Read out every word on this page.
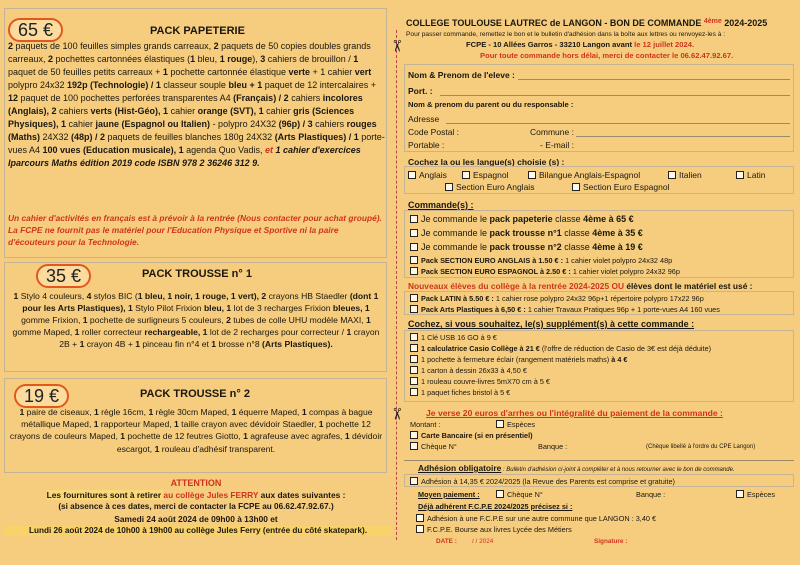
✂
✂
65 €	PACK PAPETERIE
2 paquets de 100 feuilles simples grands carreaux, 2 paquets de 50 copies doubles grands carreaux, 2 pochettes cartonnées élastiques (1 bleu, 1 rouge), 3 cahiers de brouillon / 1 paquet de 50 feuilles petits carreaux + 1 pochette cartonnée élastique verte + 1 cahier vert polypro 24x32 192p (Technologie) / 1 classeur souple bleu + 1 paquet de 12 intercalaires + 12 paquet de 100 pochettes perforées transparentes A4 (Français) / 2 cahiers incolores (Anglais), 2 cahiers verts (Hist-Géo), 1 cahier orange (SVT), 1 cahier gris (Sciences Physiques), 1 cahier jaune (Espagnol ou Italien) - polypro 24X32 (96p) / 3 cahiers rouges (Maths) 24X32 (48p) / 2 paquets de feuilles blanches 180g 24X32 (Arts Plastiques) / 1 porte-vues A4 100 vues (Education musicale), 1 agenda Quo Vadis, et 1 cahier d'exercices Iparcours Maths édition 2019 code ISBN 978 2 36246 312 9.
Un cahier d'activités en français est à prévoir à la rentrée (Nous contacter pour achat groupé). La FCPE ne fournit pas le matériel pour l'Education Physique et Sportive ni la paire d'écouteurs pour la Technologie.
35 €	PACK TROUSSE n° 1
1 Stylo 4 couleurs, 4 stylos BIC (1 bleu, 1 noir, 1 rouge, 1 vert), 2 crayons HB Staedler (dont 1 pour les Arts Plastiques), 1 Stylo Pilot Frixion bleu, 1 lot de 3 recharges Frixion bleues, 1 gomme Frixion, 1 pochette de surligneurs 5 couleurs, 2 tubes de colle UHU modèle MAXI, 1 gomme Maped, 1 roller correcteur rechargeable, 1 lot de 2 recharges pour correcteur / 1 crayon 2B + 1 crayon 4B + 1 pinceau fin n°4 et 1 brosse n°8 (Arts Plastiques).
19 €	PACK TROUSSE n° 2
1 paire de ciseaux, 1 règle 16cm, 1 règle 30cm Maped, 1 équerre Maped, 1 compas à bague métallique Maped, 1 rapporteur Maped, 1 taille crayon avec dévidoir Staedler, 1 pochette 12 crayons de couleurs Maped, 1 pochette de 12 feutres Giotto, 1 agrafeuse avec agrafes, 1 dévidoir escargot, 1 rouleau d'adhésif transparent.
ATTENTION
Les fournitures sont à retirer au collège Jules FERRY aux dates suivantes :
(si absence à ces dates, merci de contacter la FCPE au 06.62.47.92.67.)
Samedi 24 août 2024 de 09h00 à 13h00 et
Lundi 26 août 2024 de 10h00 à 19h00 au collège Jules Ferry (entrée du côté skatepark).
COLLEGE TOULOUSE LAUTREC de LANGON - BON DE COMMANDE $^{4ème}$ 2024-2025
Pour passer commande, remettez le bon et le bulletin d'adhésion dans la boîte aux lettres ou renvoyez-les à :
FCPE - 10 Allées Garros - 33210 Langon avant le 12 juillet 2024.
Pour toute commande hors délai, merci de contacter le 06.62.47.92.67.
Nom & Prenom de l'eleve :
Port. :
Nom & prenom du parent ou du responsable :
Adresse
Code Postal :	Commune :
Portable :	- E-mail :
Cochez la ou les langue(s) choisie (s) :
Anglais	Espagnol	Bilangue Anglais-Espagnol	Italien	Latin
Section Euro Anglais	Section Euro Espagnol
Commande(s) :
Je commande le pack papeterie classe 4ème à 65 €
Je commande le pack trousse n°1 classe 4ème à 35 €
Je commande le pack trousse n°2 classe 4ème à 19 €
Pack SECTION EURO ANGLAIS à 1.50 € : 1 cahier violet polypro 24x32 48p
Pack SECTION EURO ESPAGNOL à 2.50 € : 1 cahier violet polypro 24x32 96p
Nouveaux élèves du collège à la rentrée 2024-2025 OU élèves dont le matériel est usé :
Pack LATIN à 5.50 € : 1 cahier rose polypro 24x32 96p+1 répertoire polypro 17x22 96p
Pack Arts Plastiques à 6,50 € : 1 cahier Travaux Pratiques 96p + 1 porte-vues A4 160 vues
Cochez, si vous souhaitez, le(s) supplément(s) à cette commande :
1 Clé USB 16 GO à 9 €
1 calculatrice Casio Collège à 21 € (l'offre de réduction de Casio de 3€ est déjà déduite)
1 pochette à fermeture éclair (rangement matériels maths) à 4 €
1 carton à dessin 26x33 à 4,50 €
1 rouleau couvre-livres 5mX70 cm à 5 €
1 paquet fiches bristol à 5 €
Je verse 20 euros d'arrhes ou l'intégralité du paiement de la commande :
Montant :	Espèces
Carte Bancaire (si en présentiel)
Chèque N°	Banque :	(Chèque libellé à l'ordre du CPE Langon)
Adhésion obligatoire : Bulletin d'adhésion ci-joint à compléter et à nous retourner avec le bon de commande.
Adhésion à 14,35 € 2024/2025 (la Revue des Parents est comprise et gratuite)
Moyen paiement :	Chèque N°	Banque :	Espèces
Déjà adhérent F.C.P.E 2024/2025 précisez si :
Adhésion à une F.C.P.E sur une autre commune que LANGON : 3,40 €
F.C.P.E. Bourse aux livres Lycée des Métiers
DATE : / / 2024	Signature :
